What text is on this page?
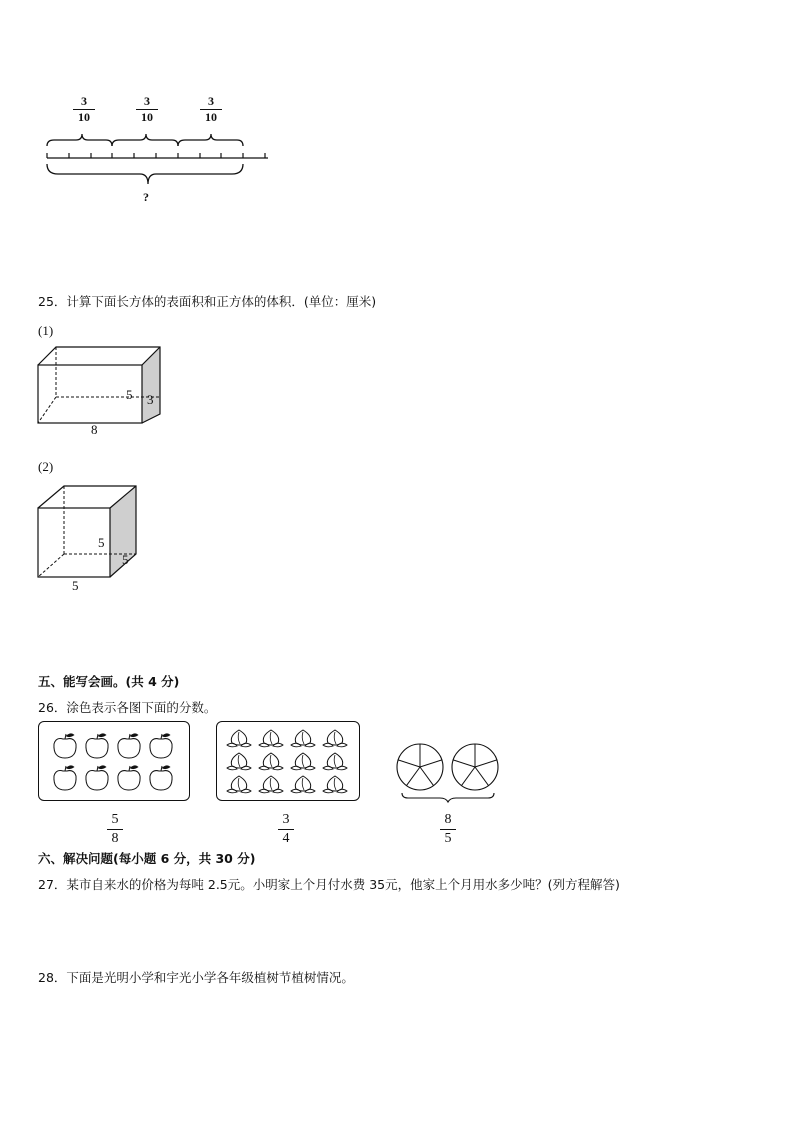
3
10
3
10
3
10
?
25．计算下面长方体的表面积和正方体的体积．(单位：厘米)
(1)
5 3
8
(2)
5
5
5
五、能写会画。(共 4 分)
26．涂色表示各图下面的分数。
5
8
3
4
8
5
六、解决问题(每小题 6 分，共 30 分)
27．某市自来水的价格为每吨 2.5元。小明家上个月付水费 35元，他家上个月用水多少吨？(列方程解答)
28．下面是光明小学和宇光小学各年级植树节植树情况。
